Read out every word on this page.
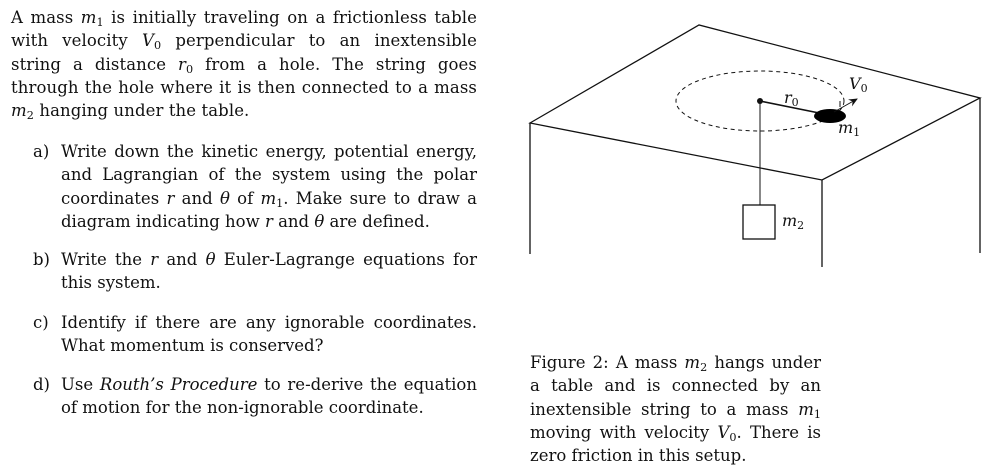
A mass $m_1$ is initially traveling on a frictionless table with velocity $V_0$ perpendicular to an inextensible string a distance $r_0$ from a hole. The string goes through the hole where it is then connected to a mass $m_2$ hanging under the table.
a) Write down the kinetic energy, potential energy, and Lagrangian of the system using the polar coordinates r and θ of $m_1$. Make sure to draw a diagram indicating how r and θ are defined.
b) Write the r and θ Euler-Lagrange equations for this system.
c) Identify if there are any ignorable coordinates. What momentum is conserved?
d) Use Routh’s Procedure to re-derive the equation of motion for the non-ignorable coordinate.
r0
V0
m1
m2
Figure 2: A mass $m_2$ hangs under a table and is connected by an inextensible string to a mass $m_1$ moving with velocity $V_0$. There is zero friction in this setup.
